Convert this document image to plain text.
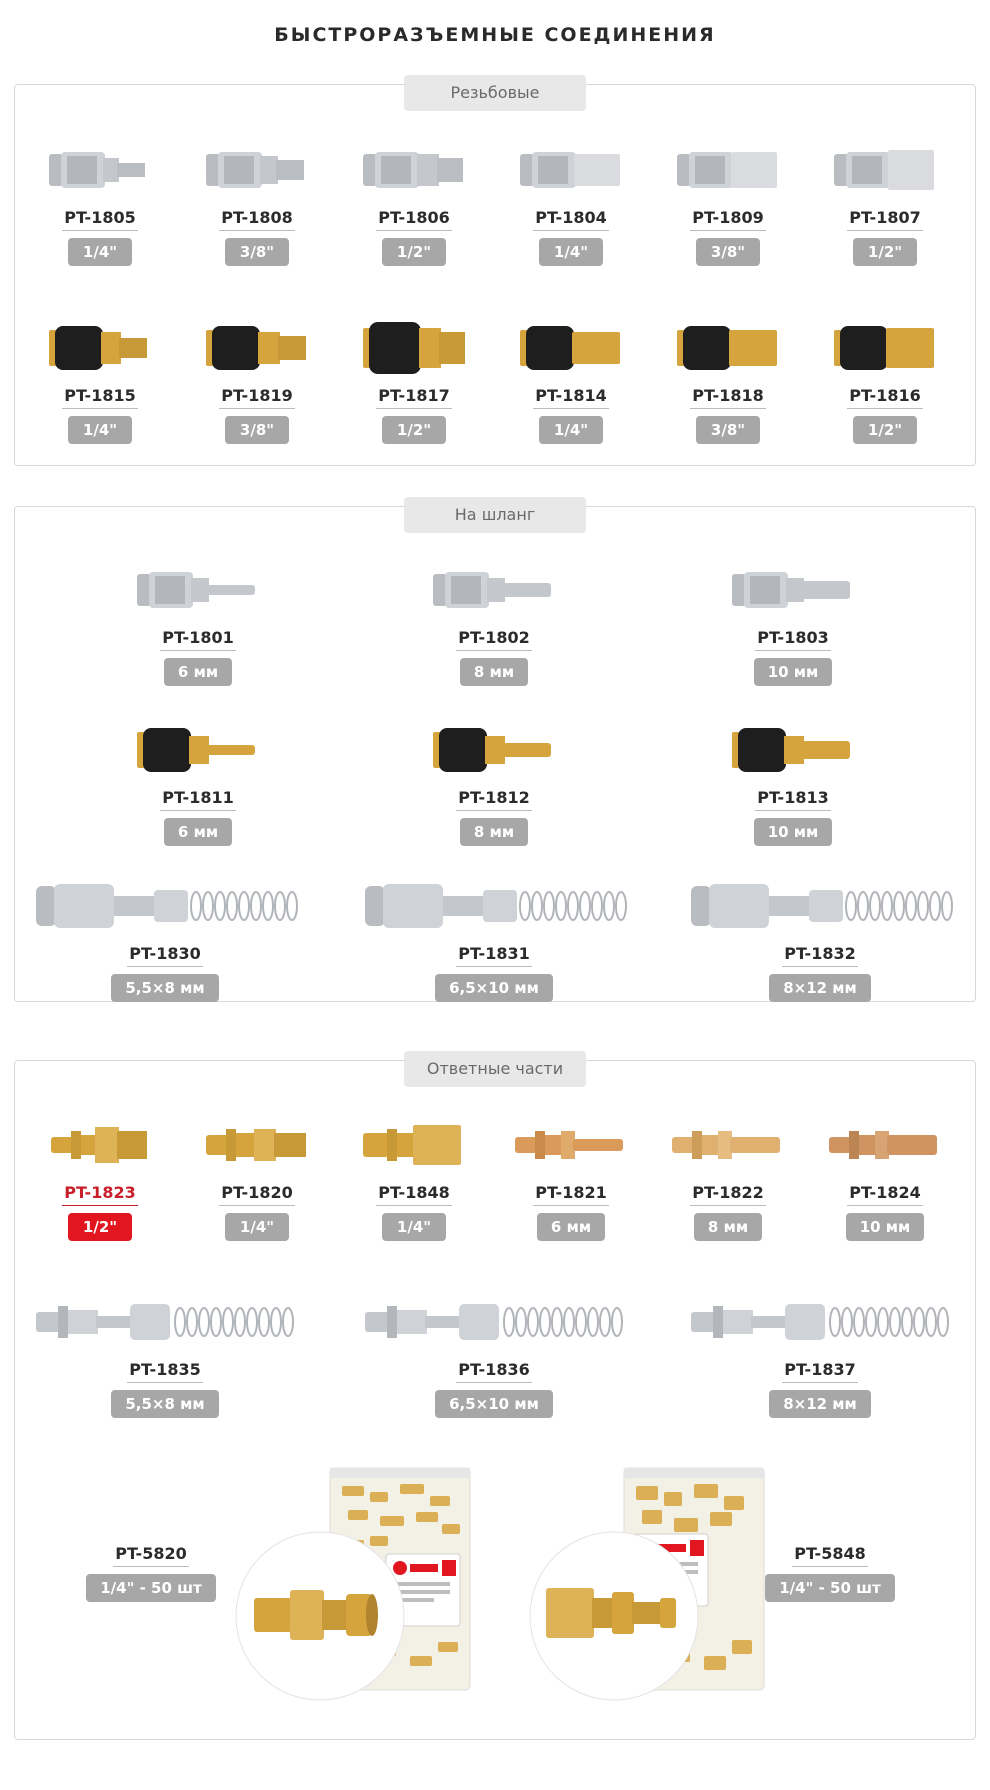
БЫСТРОРАЗЪЕМНЫЕ СОЕДИНЕНИЯ
Резьбовые
На шланг
Ответные части
PT-1805
1/4"
PT-1808
3/8"
PT-1806
1/2"
PT-1804
1/4"
PT-1809
3/8"
PT-1807
1/2"
PT-1815
1/4"
PT-1819
3/8"
PT-1817
1/2"
PT-1814
1/4"
PT-1818
3/8"
PT-1816
1/2"
PT-1801
6 мм
PT-1802
8 мм
PT-1803
10 мм
PT-1811
6 мм
PT-1812
8 мм
PT-1813
10 мм
PT-1830
5,5×8 мм
PT-1831
6,5×10 мм
PT-1832
8×12 мм
PT-1823
1/2"
PT-1820
1/4"
PT-1848
1/4"
PT-1821
6 мм
PT-1822
8 мм
PT-1824
10 мм
PT-1835
5,5×8 мм
PT-1836
6,5×10 мм
PT-1837
8×12 мм
PT-5820
1/4" - 50 шт
PT-5848
1/4" - 50 шт
